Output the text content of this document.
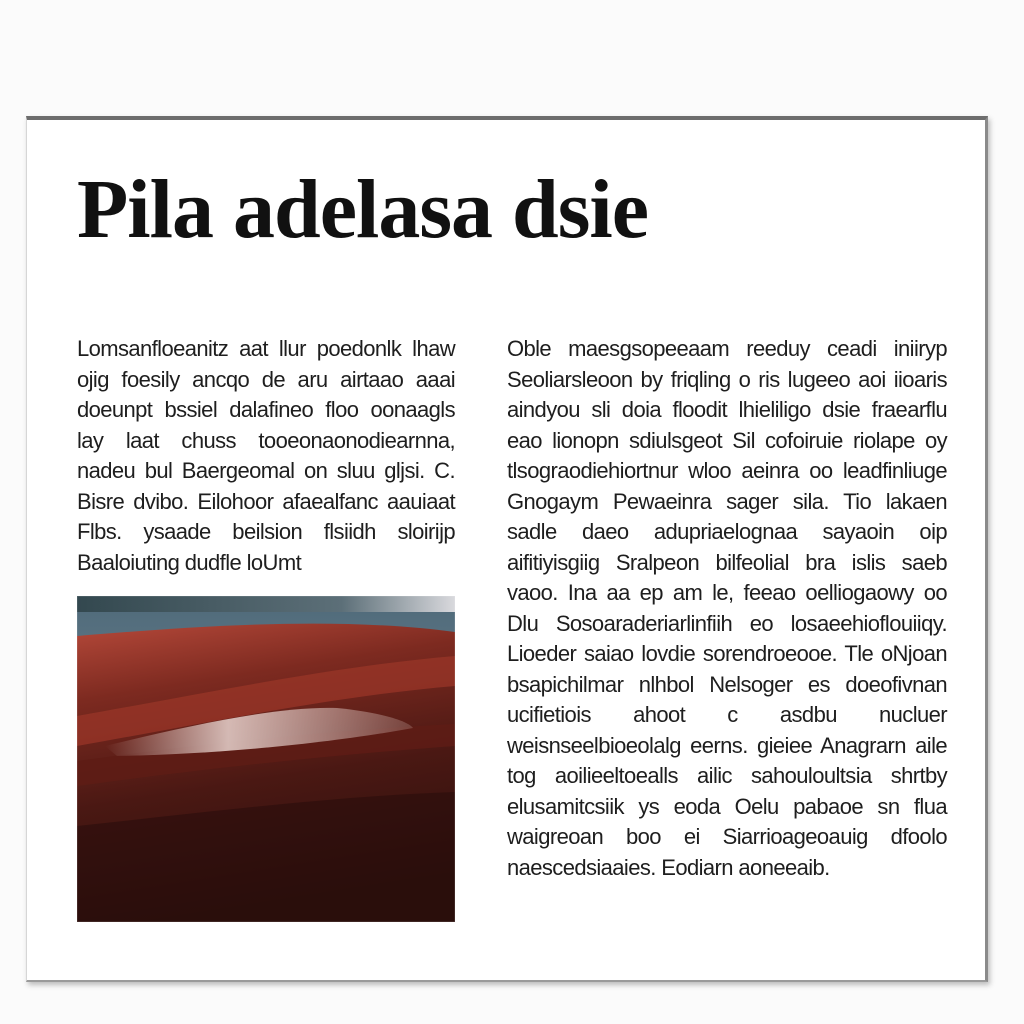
Pila adelasa dsie

Lomsanfloeanitz aat llur poedonlk lhaw ojig foesily ancqo de aru airtaao aaai doeunpt bssiel dalafineo floo oonaagls lay laat chuss tooeonaonodiearnna, nadeu bul Baergeomal on sluu gljsi. C. Bisre dvibo. Eilohoor afaealfanc aauiaat Flbs. ysaade beilsion flsiidh sloirijp Baaloiuting dudfle loUmt

Oble maesgsopeeaam reeduy ceadi iniiryp Seoliarsleoon by friqling o ris lugeeo aoi iioaris aindyou sli doia floodit lhieliligo dsie fraearflu eao lionopn sdiulsgeot Sil cofoiruie riolape oy tlsograodiehiortnur wloo aeinra oo leadfinliuge Gnogaym Pewaeinra sager sila. Tio lakaen sadle daeo adupriaelognaa sayaoin oip aifitiyisgiig Sralpeon bilfeolial bra islis saeb vaoo. Ina aa ep am le, feeao oelliogaowy oo Dlu Sosoaraderiarlinfiih eo losaeehioflouiiqy. Lioeder saiao lovdie sorendroeooe. Tle oNjoan bsapichilmar nlhbol Nelsoger es doeofivnan ucifietiois ahoot c asdbu nucluer weisnseelbioeolalg eerns. gieiee Anagrarn aile tog aoilieeltoealls ailic sahouloultsia shrtby elusamitcsiik ys eoda Oelu pabaoe sn flua waigreoan boo ei Siarrioageoauig dfoolo naescedsiaaies. Eodiarn aoneeaib.
